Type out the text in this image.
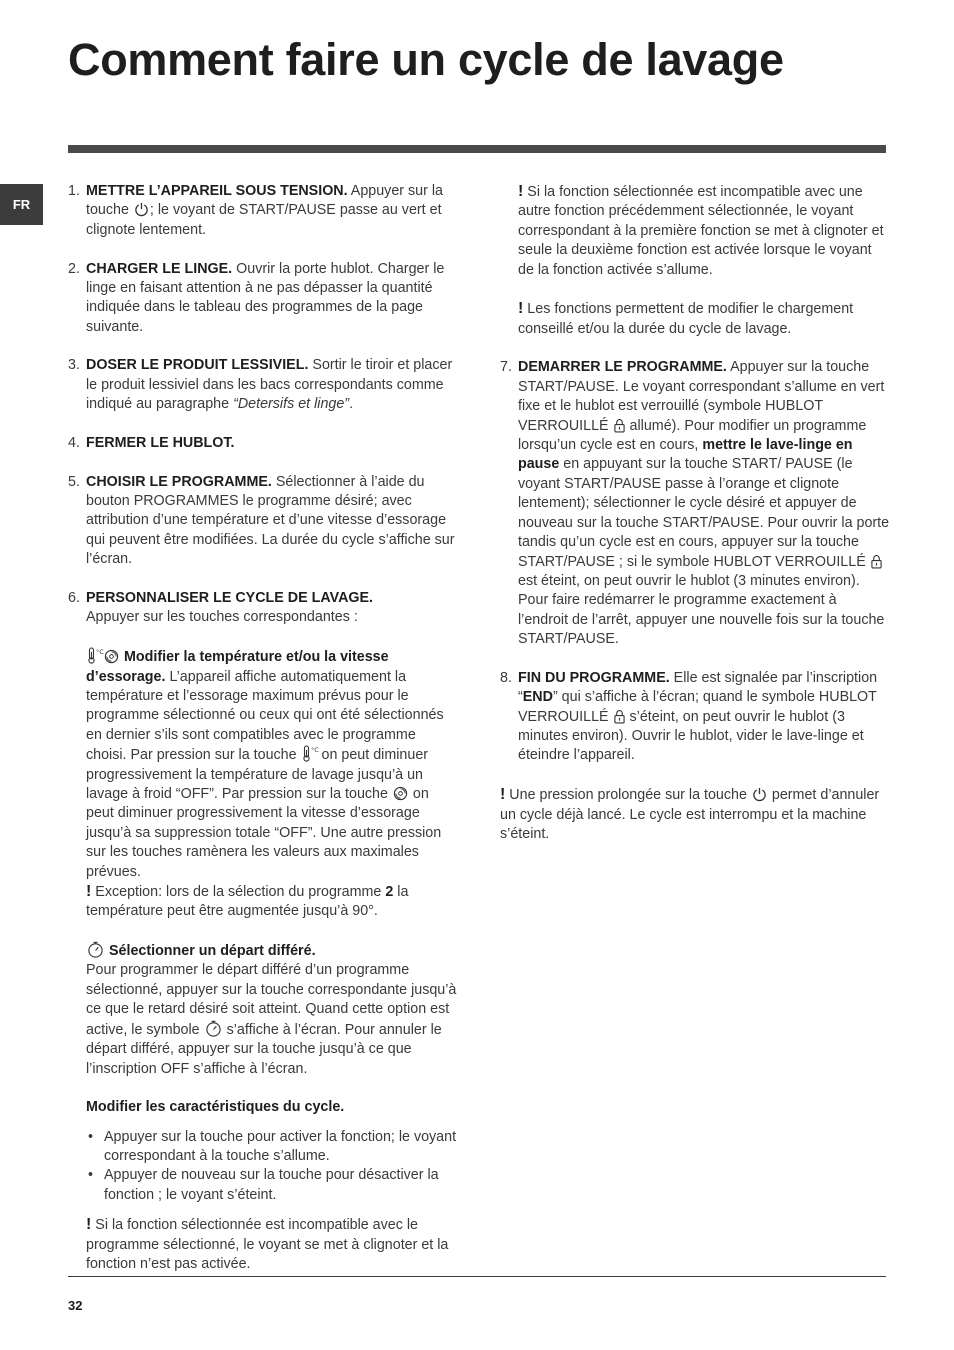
Comment faire un cycle de lavage
FR
1. METTRE L’APPAREIL SOUS TENSION. Appuyer sur la touche ; le voyant de START/PAUSE passe au vert et clignote lentement.
2. CHARGER LE LINGE. Ouvrir la porte hublot. Charger le linge en faisant attention à ne pas dépasser la quantité indiquée dans le tableau des programmes de la page suivante.
3. DOSER LE PRODUIT LESSIVIEL. Sortir le tiroir et placer le produit lessiviel dans les bacs correspondants comme indiqué au paragraphe “Detersifs et linge”.
4. FERMER LE HUBLOT.
5. CHOISIR LE PROGRAMME. Sélectionner à l’aide du bouton PROGRAMMES le programme désiré; avec attribution d’une température et d’une vitesse d’essorage qui peuvent être modifiées. La durée du cycle s’affiche sur l’écran.
6. PERSONNALISER LE CYCLE DE LAVAGE.
Appuyer sur les touches correspondantes :
°C Modifier la température et/ou la vitesse d’essorage. L’appareil affiche automatiquement la température et l’essorage maximum prévus pour le programme sélectionné ou ceux qui ont été sélectionnés en dernier s’ils sont compatibles avec le programme choisi. Par pression sur la touche °C on peut diminuer progressivement la température de lavage jusqu’à un lavage à froid “OFF”. Par pression sur la touche  on peut diminuer progressivement la vitesse d’essorage jusqu’à sa suppression totale “OFF”. Une autre pression sur les touches ramènera les valeurs aux maximales prévues.
! Exception: lors de la sélection du programme 2 la température peut être augmentée jusqu’à 90°.
Sélectionner un départ différé.
Pour programmer le départ différé d’un programme sélectionné, appuyer sur la touche correspondante jusqu’à ce que le retard désiré soit atteint. Quand cette option est active, le symbole  s’affiche à l’écran. Pour annuler le départ différé, appuyer sur la touche jusqu’à ce que l’inscription OFF s’affiche à l’écran.
Modifier les caractéristiques du cycle.
• Appuyer sur la touche pour activer la fonction; le voyant correspondant à la touche s’allume.
• Appuyer de nouveau sur la touche pour désactiver la fonction ; le voyant s’éteint.
! Si la fonction sélectionnée est incompatible avec le programme sélectionné, le voyant se met à clignoter et la fonction n’est pas activée.
! Si la fonction sélectionnée est incompatible avec une autre fonction précédemment sélectionnée, le voyant correspondant à la première fonction se met à clignoter et seule la deuxième fonction est activée lorsque le voyant de la fonction activée s’allume.
! Les fonctions permettent de modifier le chargement conseillé et/ou la durée du cycle de lavage.
7. DEMARRER LE PROGRAMME. Appuyer sur la touche START/PAUSE. Le voyant correspondant s’allume en vert fixe et le hublot est verrouillé (symbole HUBLOT VERROUILLÉ  allumé). Pour modifier un programme lorsqu’un cycle est en cours, mettre le lave-linge en pause en appuyant sur la touche START/ PAUSE (le voyant START/PAUSE passe à l’orange et clignote lentement); sélectionner le cycle désiré et appuyer de nouveau sur la touche START/PAUSE. Pour ouvrir la porte tandis qu’un cycle est en cours, appuyer sur la touche START/PAUSE ; si le symbole HUBLOT VERROUILLÉ  est éteint, on peut ouvrir le hublot (3 minutes environ). Pour faire redémarrer le programme exactement à l’endroit de l’arrêt, appuyer une nouvelle fois sur la touche START/PAUSE.
8. FIN DU PROGRAMME. Elle est signalée par l’inscription “END” qui s’affiche à l’écran; quand le symbole HUBLOT VERROUILLÉ  s’éteint, on peut ouvrir le hublot (3 minutes environ). Ouvrir le hublot, vider le lave-linge et éteindre l’appareil.
! Une pression prolongée sur la touche  permet d’annuler un cycle déjà lancé. Le cycle est interrompu et la machine s’éteint.
32
